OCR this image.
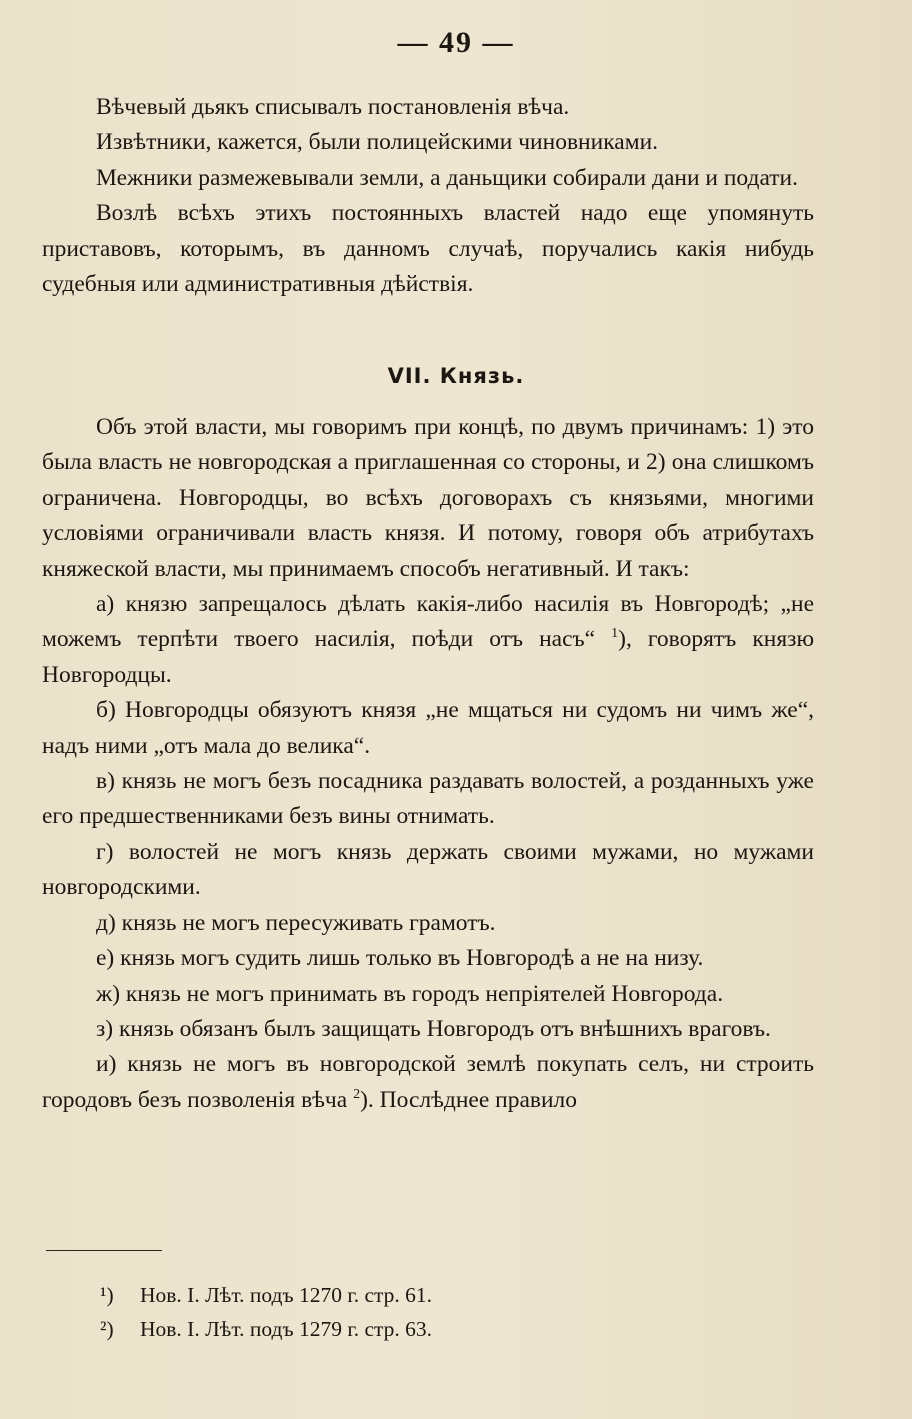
— 49 —

Вѣчевый дьякъ списывалъ постановленія вѣча.

Извѣтники, кажется, были полицейскими чиновниками.

Межники размежевывали земли, а даньщики собирали дани и подати.

Возлѣ всѣхъ этихъ постоянныхъ властей надо еще упомянуть приставовъ, которымъ, въ данномъ случаѣ, поручались какія нибудь судебныя или административныя дѣйствія.

VII. Князь.

Объ этой власти, мы говоримъ при концѣ, по двумъ причинамъ: 1) это была власть не новгородская а приглашенная со стороны, и 2) она слишкомъ ограничена. Новгородцы, во всѣхъ договорахъ съ князьями, многими условіями ограничивали власть князя. И потому, говоря объ атрибутахъ княжеской власти, мы принимаемъ способъ негативный. И такъ:

а) князю запрещалось дѣлать какія-либо насилія въ Новгородѣ; „не можемъ терпѣти твоего насилія, поѣди отъ насъ“ $^1$), говорятъ князю Новгородцы.

б) Новгородцы обязуютъ князя „не мщаться ни судомъ ни чимъ же“, надъ ними „отъ мала до велика“.

в) князь не могъ безъ посадника раздавать волостей, а розданныхъ уже его предшественниками безъ вины отнимать.

г) волостей не могъ князь держать своими мужами, но мужами новгородскими.

д) князь не могъ пересуживать грамотъ.

е) князь могъ судить лишь только въ Новгородѣ а не на низу.

ж) князь не могъ принимать въ городъ непріятелей Новгорода.

з) князь обязанъ былъ защищать Новгородъ отъ внѣшнихъ враговъ.

и) князь не могъ въ новгородской землѣ покупать селъ, ни строить городовъ безъ позволенія вѣча $^2$). Послѣднее правило

¹) Нов. I. Лѣт. подъ 1270 г. стр. 61.

²) Нов. I. Лѣт. подъ 1279 г. стр. 63.
